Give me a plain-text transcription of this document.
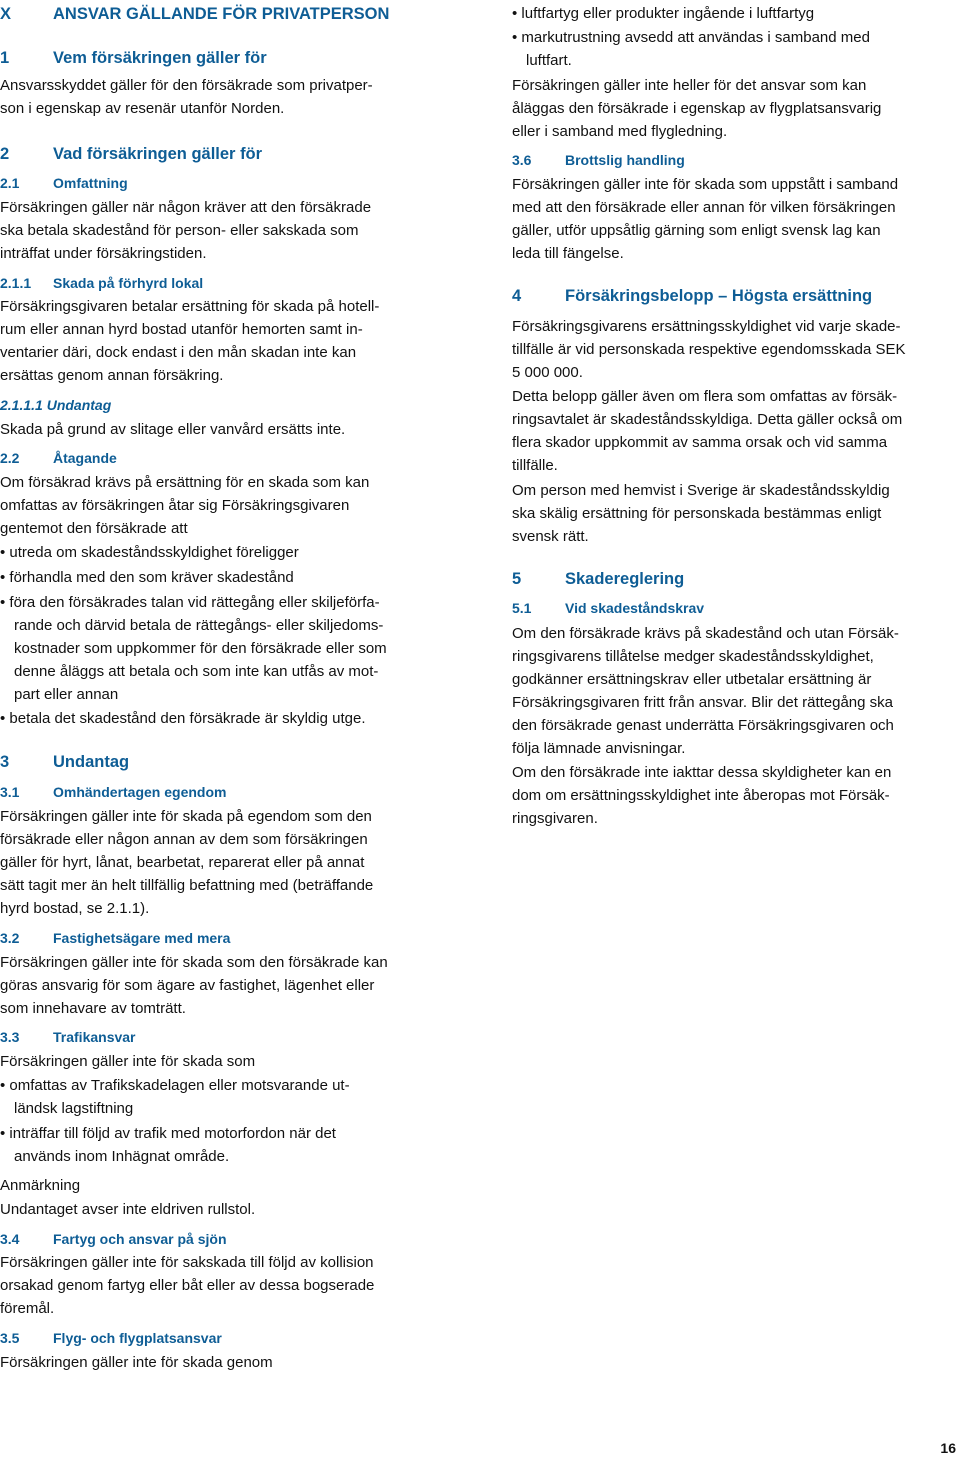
X	ANSVAR GÄLLANDE FÖR PRIVATPERSON
1	Vem försäkringen gäller för
Ansvarsskyddet gäller för den försäkrade som privatper-
son i egenskap av resenär utanför Norden.
2	Vad försäkringen gäller för
2.1 Omfattning
Försäkringen gäller när någon kräver att den försäkrade
ska betala skadestånd för person- eller sakskada som
inträffat under försäkringstiden.
2.1.1 Skada på förhyrd lokal
Försäkringsgivaren betalar ersättning för skada på hotell-
rum eller annan hyrd bostad utanför hemorten samt in-
ventarier däri, dock endast i den mån skadan inte kan
ersättas genom annan försäkring.
2.1.1.1 Undantag
Skada på grund av slitage eller vanvård ersätts inte.
2.2 Åtagande
Om försäkrad krävs på ersättning för en skada som kan
omfattas av försäkringen åtar sig Försäkringsgivaren
gentemot den försäkrade att
• utreda om skadeståndsskyldighet föreligger
• förhandla med den som kräver skadestånd
• föra den försäkrades talan vid rättegång eller skiljeförfa-
rande och därvid betala de rättegångs- eller skiljedoms-
kostnader som uppkommer för den försäkrade eller som
denne åläggs att betala och som inte kan utfås av mot-
part eller annan
• betala det skadestånd den försäkrade är skyldig utge.
3	Undantag
3.1 Omhändertagen egendom
Försäkringen gäller inte för skada på egendom som den
försäkrade eller någon annan av dem som försäkringen
gäller för hyrt, lånat, bearbetat, reparerat eller på annat
sätt tagit mer än helt tillfällig befattning med (beträffande
hyrd bostad, se 2.1.1).
3.2 Fastighetsägare med mera
Försäkringen gäller inte för skada som den försäkrade kan
göras ansvarig för som ägare av fastighet, lägenhet eller
som innehavare av tomträtt.
3.3 Trafikansvar
Försäkringen gäller inte för skada som
• omfattas av Trafikskadelagen eller motsvarande ut-
ländsk lagstiftning
• inträffar till följd av trafik med motorfordon när det
används inom Inhägnat område.
Anmärkning
Undantaget avser inte eldriven rullstol.
3.4 Fartyg och ansvar på sjön
Försäkringen gäller inte för sakskada till följd av kollision
orsakad genom fartyg eller båt eller av dessa bogserade
föremål.
3.5 Flyg- och flygplatsansvar
Försäkringen gäller inte för skada genom
• luftfartyg eller produkter ingående i luftfartyg
• markutrustning avsedd att användas i samband med
luftfart.
Försäkringen gäller inte heller för det ansvar som kan
åläggas den försäkrade i egenskap av flygplatsansvarig
eller i samband med flygledning.
3.6 Brottslig handling
Försäkringen gäller inte för skada som uppstått i samband
med att den försäkrade eller annan för vilken försäkringen
gäller, utför uppsåtlig gärning som enligt svensk lag kan
leda till fängelse.
4	Försäkringsbelopp – Högsta ersättning
Försäkringsgivarens ersättningsskyldighet vid varje skade-
tillfälle är vid personskada respektive egendomsskada SEK
5 000 000.
Detta belopp gäller även om flera som omfattas av försäk-
ringsavtalet är skadeståndsskyldiga. Detta gäller också om
flera skador uppkommit av samma orsak och vid samma
tillfälle.
Om person med hemvist i Sverige är skadeståndsskyldig
ska skälig ersättning för personskada bestämmas enligt
svensk rätt.
5	Skadereglering
5.1 Vid skadeståndskrav
Om den försäkrade krävs på skadestånd och utan Försäk-
ringsgivarens tillåtelse medger skadeståndsskyldighet,
godkänner ersättningskrav eller utbetalar ersättning är
Försäkringsgivaren fritt från ansvar. Blir det rättegång ska
den försäkrade genast underrätta Försäkringsgivaren och
följa lämnade anvisningar.
Om den försäkrade inte iakttar dessa skyldigheter kan en
dom om ersättningsskyldighet inte åberopas mot Försäk-
ringsgivaren.
16
